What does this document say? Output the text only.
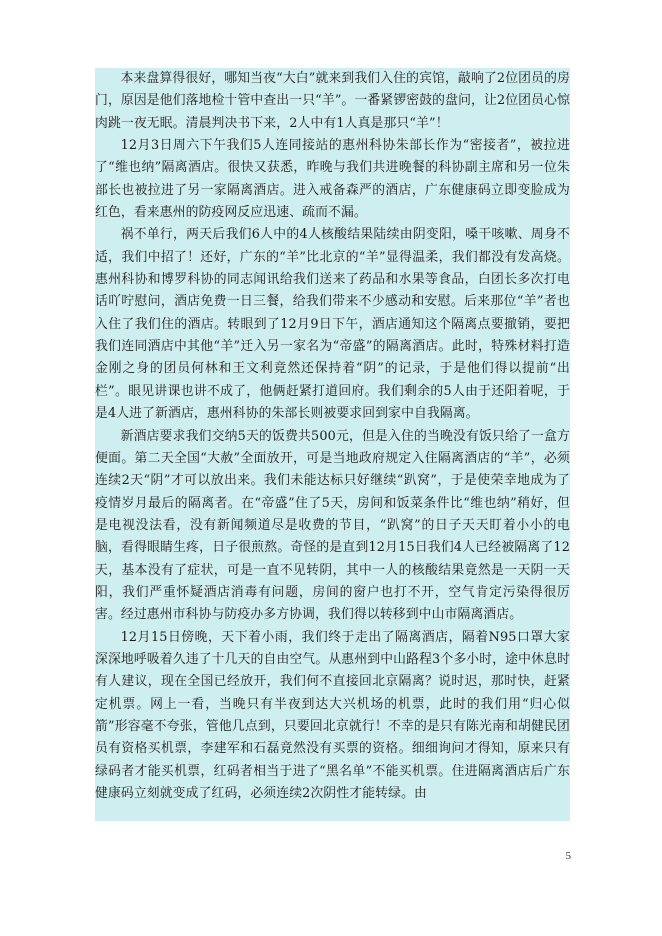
本来盘算得很好，哪知当夜“大白”就来到我们入住的宾馆，敲响了2位团员的房门，原因是他们落地检十管中查出一只“羊”。一番紧锣密鼓的盘问，让2位团员心惊肉跳一夜无眠。清晨判决书下来，2人中有1人真是那只“羊”！

12月3日周六下午我们5人连同接站的惠州科协朱部长作为“密接者”，被拉进了“维也纳”隔离酒店。很快又获悉，昨晚与我们共进晚餐的科协副主席和另一位朱部长也被拉进了另一家隔离酒店。进入戒备森严的酒店，广东健康码立即变脸成为红色，看来惠州的防疫网反应迅速、疏而不漏。

祸不单行，两天后我们6人中的4人核酸结果陆续由阴变阳，嗓干咳嗽、周身不适，我们中招了！还好，广东的“羊”比北京的“羊”显得温柔，我们都没有发高烧。惠州科协和博罗科协的同志闻讯给我们送来了药品和水果等食品，白团长多次打电话吖咛慰问，酒店免费一日三餐，给我们带来不少感动和安慰。后来那位“羊”者也入住了我们住的酒店。转眼到了12月9日下午，酒店通知这个隔离点要撤销，要把我们连同酒店中其他“羊”迁入另一家名为“帝盛”的隔离酒店。此时，特殊材料打造金刚之身的团员何林和王文利竟然还保持着“阴”的记录，于是他们得以提前“出栏”。眼见讲课也讲不成了，他俩赶紧打道回府。我们剩余的5人由于还阳着呢，于是4人进了新酒店，惠州科协的朱部长则被要求回到家中自我隔离。

新酒店要求我们交纳5天的饭费共500元，但是入住的当晚没有饭只给了一盒方便面。第二天全国“大赦”全面放开，可是当地政府规定入住隔离酒店的“羊”，必须连续2天“阴”才可以放出来。我们未能达标只好继续“趴窝”，于是使荣幸地成为了疫情岁月最后的隔离者。在“帝盛”住了5天，房间和饭菜条件比“维也纳”稍好，但是电视没法看，没有新闻频道尽是收费的节目，“趴窝”的日子天天盯着小小的电脑，看得眼睛生疼，日子很煎熬。奇怪的是直到12月15日我们4人已经被隔离了12天，基本没有了症状，可是一直不见转阴，其中一人的核酸结果竟然是一天阴一天阳，我们严重怀疑酒店消毒有问题，房间的窗户也打不开，空气肯定污染得很厉害。经过惠州市科协与防疫办多方协调，我们得以转移到中山市隔离酒店。

12月15日傍晚，天下着小雨，我们终于走出了隔离酒店，隔着N95口罩大家深深地呼吸着久违了十几天的自由空气。从惠州到中山路程3个多小时，途中休息时有人建议，现在全国已经放开，我们何不直接回北京隔离？说时迟，那时快，赶紧定机票。网上一看，当晚只有半夜到达大兴机场的机票，此时的我们用“归心似箭”形容毫不夸张，管他几点到，只要回北京就行！不幸的是只有陈光南和胡健民团员有资格买机票，李建军和石磊竟然没有买票的资格。细细询问才得知，原来只有绿码者才能买机票，红码者相当于进了“黑名单”不能买机票。住进隔离酒店后广东健康码立刻就变成了红码，必须连续2次阴性才能转绿。由

5
